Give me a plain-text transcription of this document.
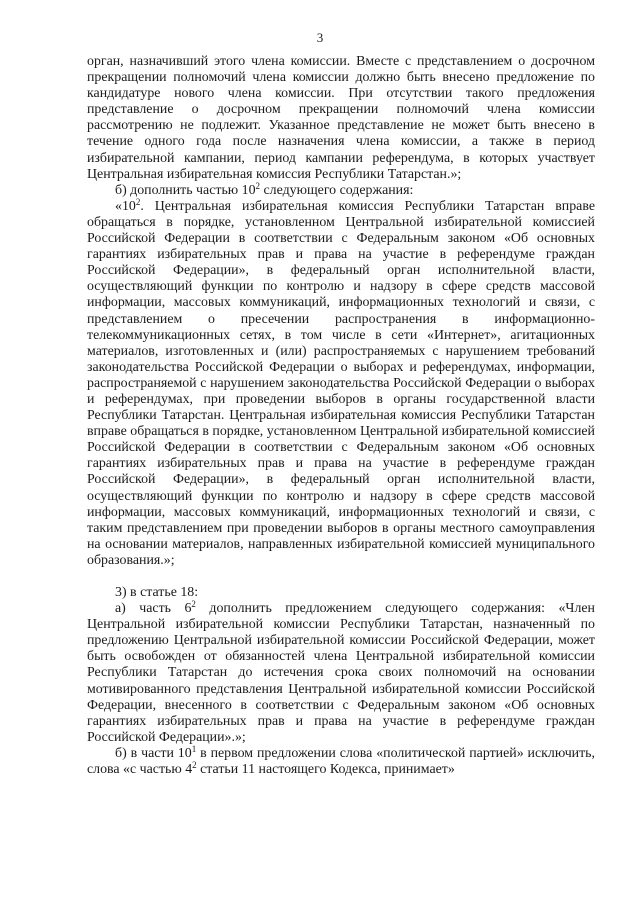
3

орган, назначивший этого члена комиссии. Вместе с представлением о досрочном прекращении полномочий члена комиссии должно быть внесено предложение по кандидатуре нового члена комиссии. При отсутствии такого предложения представление о досрочном прекращении полномочий члена комиссии рассмотрению не подлежит. Указанное представление не может быть внесено в течение одного года после назначения члена комиссии, а также в период избирательной кампании, период кампании референдума, в которых участвует Центральная избирательная комиссия Республики Татарстан.»;

б) дополнить частью $10^2$ следующего содержания:

«$10^2$. Центральная избирательная комиссия Республики Татарстан вправе обращаться в порядке, установленном Центральной избирательной комиссией Российской Федерации в соответствии с Федеральным законом «Об основных гарантиях избирательных прав и права на участие в референдуме граждан Российской Федерации», в федеральный орган исполнительной власти, осуществляющий функции по контролю и надзору в сфере средств массовой информации, массовых коммуникаций, информационных технологий и связи, с представлением о пресечении распространения в информационно-телекоммуникационных сетях, в том числе в сети «Интернет», агитационных материалов, изготовленных и (или) распространяемых с нарушением требований законодательства Российской Федерации о выборах и референдумах, информации, распространяемой с нарушением законодательства Российской Федерации о выборах и референдумах, при проведении выборов в органы государственной власти Республики Татарстан. Центральная избирательная комиссия Республики Татарстан вправе обращаться в порядке, установленном Центральной избирательной комиссией Российской Федерации в соответствии с Федеральным законом «Об основных гарантиях избирательных прав и права на участие в референдуме граждан Российской Федерации», в федеральный орган исполнительной власти, осуществляющий функции по контролю и надзору в сфере средств массовой информации, массовых коммуникаций, информационных технологий и связи, с таким представлением при проведении выборов в органы местного самоуправления на основании материалов, направленных избирательной комиссией муниципального образования.»;

3) в статье 18:

а) часть $6^2$ дополнить предложением следующего содержания: «Член Центральной избирательной комиссии Республики Татарстан, назначенный по предложению Центральной избирательной комиссии Российской Федерации, может быть освобожден от обязанностей члена Центральной избирательной комиссии Республики Татарстан до истечения срока своих полномочий на основании мотивированного представления Центральной избирательной комиссии Российской Федерации, внесенного в соответствии с Федеральным законом «Об основных гарантиях избирательных прав и права на участие в референдуме граждан Российской Федерации».»;

б) в части $10^1$ в первом предложении слова «политической партией» исключить, слова «с частью $4^2$ статьи 11 настоящего Кодекса, принимает»
